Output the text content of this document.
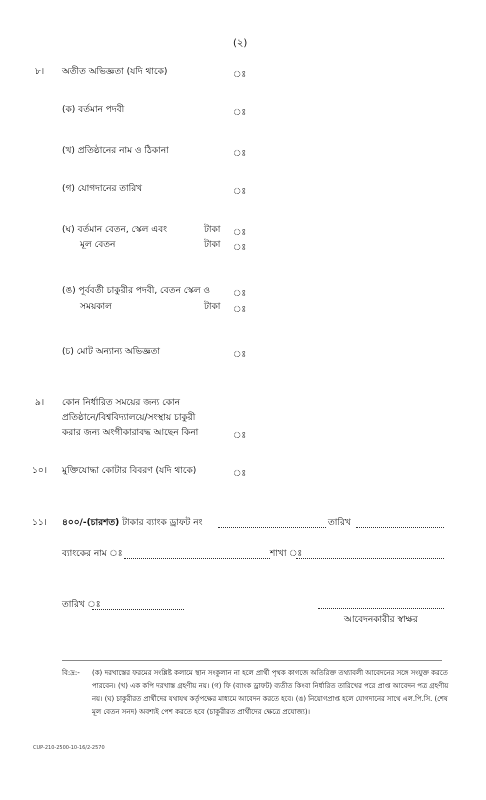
(২)
৮। অতীত অভিজ্ঞতা (যদি থাকে)	ঃ
(ক) বর্তমান পদবী	ঃ
(খ) প্রতিষ্ঠানের নাম ও ঠিকানা	ঃ
(গ) যোগদানের তারিখ	ঃ
(ঘ) বর্তমান বেতন, স্কেল এবং	টাকা ঃ
মূল বেতন	টাকা ঃ
(ঙ) পূর্ববর্তী চাকুরীর পদবী, বেতন স্কেল ও	ঃ
সময়কাল	টাকা ঃ
(চ) মোট অন্যান্য অভিজ্ঞতা	ঃ
৯। কোন নির্ধারিত সময়ের জন্য কোন
প্রতিষ্ঠানে/বিশ্ববিদ্যালয়ে/সংস্থায় চাকুরী
করার জন্য অংগীকারাবদ্ধ আছেন কিনা	ঃ
১০। মুক্তিযোদ্ধা কোটার বিবরণ (যদি থাকে)	ঃ
১১। ৪০০/-(চারশত) টাকার ব্যাংক ড্রাফট নং	তারিখ
ব্যাংকের নাম ঃ	শাখা ঃ
তারিখ ঃ
আবেদনকারীর স্বাক্ষর
বি:দ্র:- (ক) দরখাস্তের ফরমের সংশ্লিষ্ট কলামে স্থান সংকুলান না হলে প্রার্থী পৃথক কাগজে অতিরিক্ত তথ্যাবলী আবেদনের সঙ্গে সংযুক্ত করতে
পারবেন। (খ) এক কপি দরখাস্ত গ্রহণীয় নয়। (গ) ফি (ব্যাংক ড্রাফট) ব্যতীত কিংবা নির্ধারিত তারিখের পরে প্রাপ্ত আবেদন পত্র গ্রহণীয়
নয়। (ঘ) চাকুরীরত প্রার্থীদের যথাযথ কর্তৃপক্ষের মাধ্যমে আবেদন করতে হবে। (ঙ) নিয়োগপ্রাপ্ত হলে যোগদানের সাথে এল.পি.সি. (শেষ
মূল বেতন সনদ) অবশ্যই পেশ করতে হবে (চাকুরীরত প্রার্থীদের ক্ষেত্রে প্রযোজ্য)।
CUP-210-2500-10-16/2-2570
